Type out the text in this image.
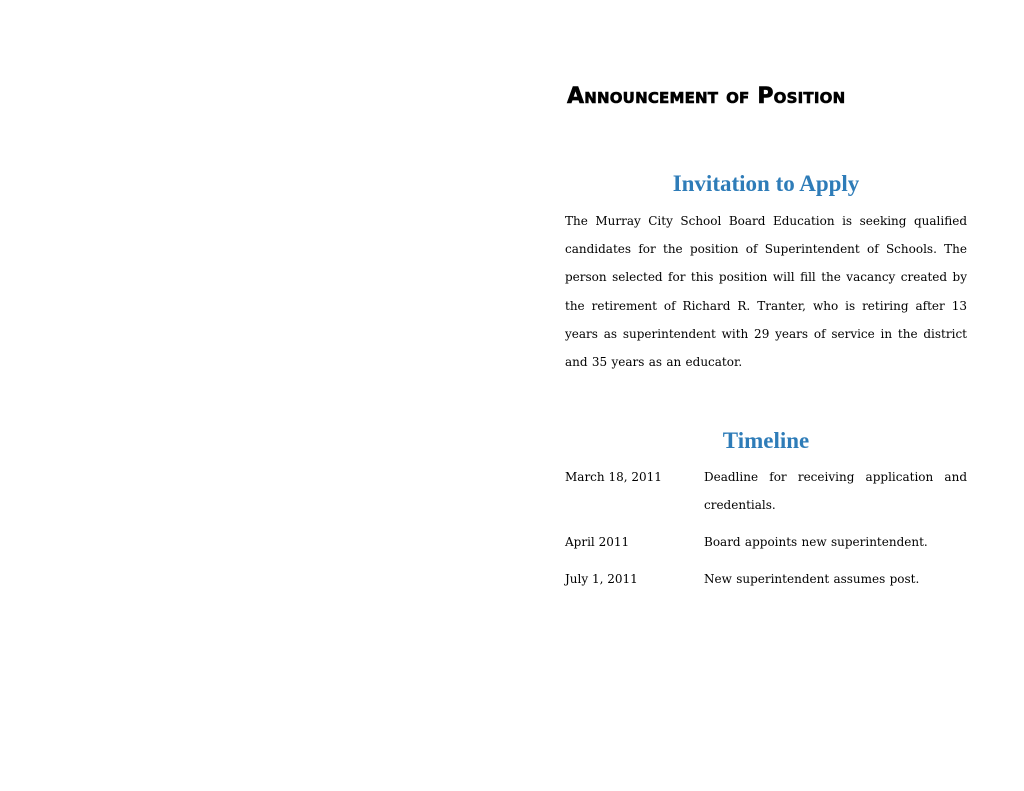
Announcement of Position
Invitation to Apply

The Murray City School Board Education is seeking qualified candidates for the position of Superintendent of Schools. The person selected for this position will fill the vacancy created by the retirement of Richard R. Tranter, who is retiring after 13 years as superintendent with 29 years of service in the district and 35 years as an educator.

Timeline
March 18, 2011	Deadline for receiving application and credentials.
April 2011	Board appoints new superintendent.
July 1, 2011	New superintendent assumes post.
